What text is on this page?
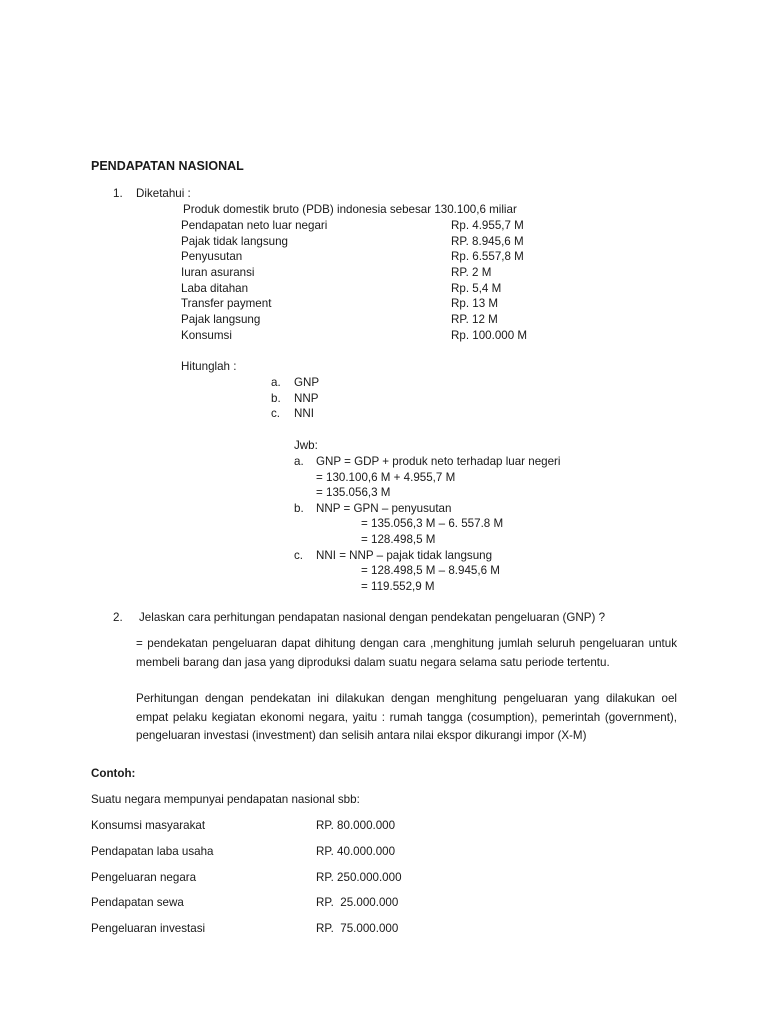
PENDAPATAN NASIONAL
1. Diketahui :
Produk domestik bruto (PDB) indonesia sebesar 130.100,6 miliar
Pendapatan neto luar negari	Rp. 4.955,7 M
Pajak tidak langsung	RP. 8.945,6 M
Penyusutan	Rp. 6.557,8 M
Iuran asuransi	RP. 2 M
Laba ditahan	Rp. 5,4 M
Transfer payment	Rp. 13 M
Pajak langsung	RP. 12 M
Konsumsi	Rp. 100.000 M
Hitunglah :
a. GNP
b. NNP
c. NNI
Jwb:
a. GNP = GDP + produk neto terhadap luar negeri
= 130.100,6 M + 4.955,7 M
= 135.056,3 M
b. NNP = GPN – penyusutan
= 135.056,3 M – 6. 557.8 M
= 128.498,5 M
c. NNI = NNP – pajak tidak langsung
= 128.498,5 M – 8.945,6 M
= 119.552,9 M
2. Jelaskan cara perhitungan pendapatan nasional dengan pendekatan pengeluaran (GNP) ?
= pendekatan pengeluaran dapat dihitung dengan cara ,menghitung jumlah seluruh pengeluaran untuk membeli barang dan jasa yang diproduksi dalam suatu negara selama satu periode tertentu.
Perhitungan dengan pendekatan ini dilakukan dengan menghitung pengeluaran yang dilakukan oel empat pelaku kegiatan ekonomi negara, yaitu : rumah tangga (cosumption), pemerintah (government), pengeluaran investasi (investment) dan selisih antara nilai ekspor dikurangi impor (X-M)
Contoh:
Suatu negara mempunyai pendapatan nasional sbb:
Konsumsi masyarakat	RP. 80.000.000
Pendapatan laba usaha	RP. 40.000.000
Pengeluaran negara	RP. 250.000.000
Pendapatan sewa	RP.  25.000.000
Pengeluaran investasi	RP.  75.000.000
